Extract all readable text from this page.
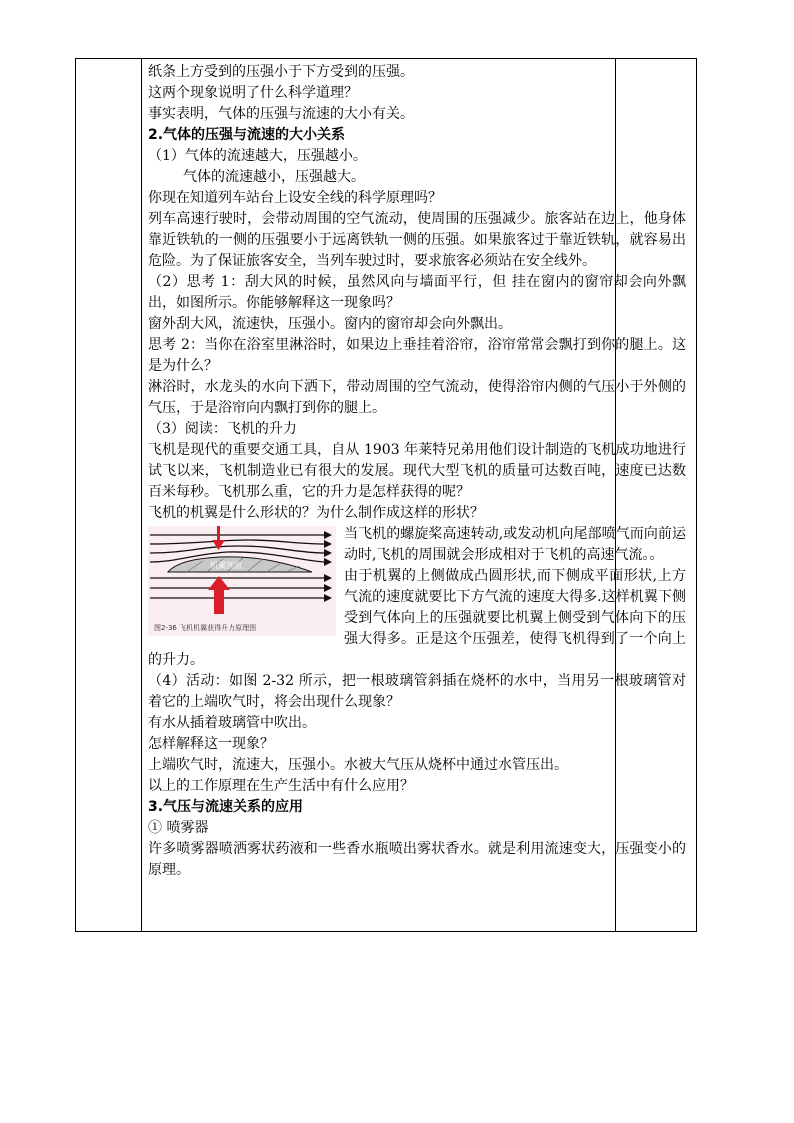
纸条上方受到的压强小于下方受到的压强。

这两个现象说明了什么科学道理？

事实表明，气体的压强与流速的大小有关。

2.气体的压强与流速的大小关系

（1）气体的流速越大，压强越小。

气体的流速越小，压强越大。

你现在知道列车站台上设安全线的科学原理吗？

列车高速行驶时，会带动周围的空气流动，使周围的压强减少。旅客站在边上，他身体靠近铁轨的一侧的压强要小于远离铁轨一侧的压强。如果旅客过于靠近铁轨，就容易出危险。为了保证旅客安全，当列车驶过时，要求旅客必须站在安全线外。

（2）思考 1：刮大风的时候，虽然风向与墙面平行，但 挂在窗内的窗帘却会向外飘出，如图所示。你能够解释这一现象吗？

窗外刮大风，流速快，压强小。窗内的窗帘却会向外飘出。

思考 2：当你在浴室里淋浴时，如果边上垂挂着浴帘，浴帘常常会飘打到你的腿上。这是为什么？

淋浴时，水龙头的水向下洒下，带动周围的空气流动，使得浴帘内侧的气压小于外侧的气压，于是浴帘向内飘打到你的腿上。

（3）阅读：飞机的升力

飞机是现代的重要交通工具，自从 1903 年莱特兄弟用他们设计制造的飞机成功地进行试飞以来，飞机制造业已有很大的发展。现代大型飞机的质量可达数百吨，速度已达数百米每秒。飞机那么重，它的升力是怎样获得的呢？

飞机的机翼是什么形状的？为什么制作成这样的形状？

机翼剖面
图2-36 飞机机翼获得升力原理图

当飞机的螺旋桨高速转动,或发动机向尾部喷气而向前运动时,飞机的周围就会形成相对于飞机的高速气流。。

由于机翼的上侧做成凸圆形状,而下侧成平面形状,上方气流的速度就要比下方气流的速度大得多.这样机翼下侧受到气体向上的压强就要比机翼上侧受到气体向下的压强大得多。正是这个压强差，使得飞机得到了一个向上的升力。

（4）活动：如图 2-32 所示，把一根玻璃管斜插在烧杯的水中，当用另一根玻璃管对着它的上端吹气时，将会出现什么现象？

有水从插着玻璃管中吹出。

怎样解释这一现象？

上端吹气时，流速大，压强小。水被大气压从烧杯中通过水管压出。

以上的工作原理在生产生活中有什么应用？

3.气压与流速关系的应用

① 喷雾器

许多喷雾器喷洒雾状药液和一些香水瓶喷出雾状香水。就是利用流速变大，压强变小的原理。
